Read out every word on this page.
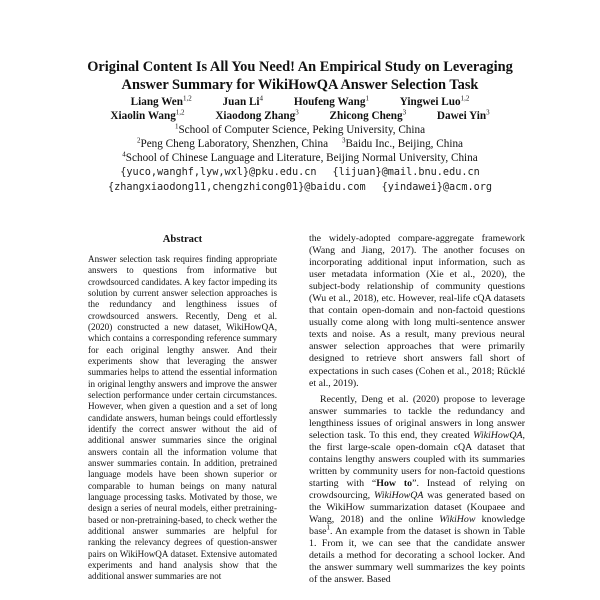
Original Content Is All You Need! An Empirical Study on Leveraging
Answer Summary for WikiHowQA Answer Selection Task
Liang Wen$^{1,2}$	Juan Li$^4$	Houfeng Wang$^1$	Yingwei Luo$^{1,2}$
Xiaolin Wang$^{1,2}$	Xiaodong Zhang$^3$	Zhicong Cheng$^3$	Dawei Yin$^3$
$^1$School of Computer Science, Peking University, China
$^2$Peng Cheng Laboratory, Shenzhen, China $^3$Baidu Inc., Beijing, China
$^4$School of Chinese Language and Literature, Beijing Normal University, China
{yuco,wanghf,lyw,wxl}@pku.edu.cn {lijuan}@mail.bnu.edu.cn
{zhangxiaodong11,chengzhicong01}@baidu.com {yindawei}@acm.org
Abstract

Answer selection task requires finding appropriate answers to questions from informative but crowdsourced candidates. A key factor impeding its solution by current answer selection approaches is the redundancy and lengthiness issues of crowdsourced answers. Recently, Deng et al. (2020) constructed a new dataset, WikiHowQA, which contains a corresponding reference summary for each original lengthy answer. And their experiments show that leveraging the answer summaries helps to attend the essential information in original lengthy answers and improve the answer selection performance under certain circumstances. However, when given a question and a set of long candidate answers, human beings could effortlessly identify the correct answer without the aid of additional answer summaries since the original answers contain all the information volume that answer summaries contain. In addition, pretrained language models have been shown superior or comparable to human beings on many natural language processing tasks. Motivated by those, we design a series of neural models, either pretraining-based or non-pretraining-based, to check wether the additional answer summaries are helpful for ranking the relevancy degrees of question-answer pairs on WikiHowQA dataset. Extensive automated experiments and hand analysis show that the additional answer summaries are not

the widely-adopted compare-aggregate framework (Wang and Jiang, 2017). The another focuses on incorporating additional input information, such as user metadata information (Xie et al., 2020), the subject-body relationship of community questions (Wu et al., 2018), etc. However, real-life cQA datasets that contain open-domain and non-factoid questions usually come along with long multi-sentence answer texts and noise. As a result, many previous neural answer selection approaches that were primarily designed to retrieve short answers fall short of expectations in such cases (Cohen et al., 2018; Rücklé et al., 2019).

Recently, Deng et al. (2020) propose to leverage answer summaries to tackle the redundancy and lengthiness issues of original answers in long answer selection task. To this end, they created WikiHowQA, the first large-scale open-domain cQA dataset that contains lengthy answers coupled with its summaries written by community users for non-factoid questions starting with “How to”. Instead of relying on crowdsourcing, WikiHowQA was generated based on the WikiHow summarization dataset (Koupaee and Wang, 2018) and the online WikiHow knowledge base$^1$. An example from the dataset is shown in Table 1. From it, we can see that the candidate answer details a method for decorating a school locker. And the answer summary well summarizes the key points of the answer. Based
